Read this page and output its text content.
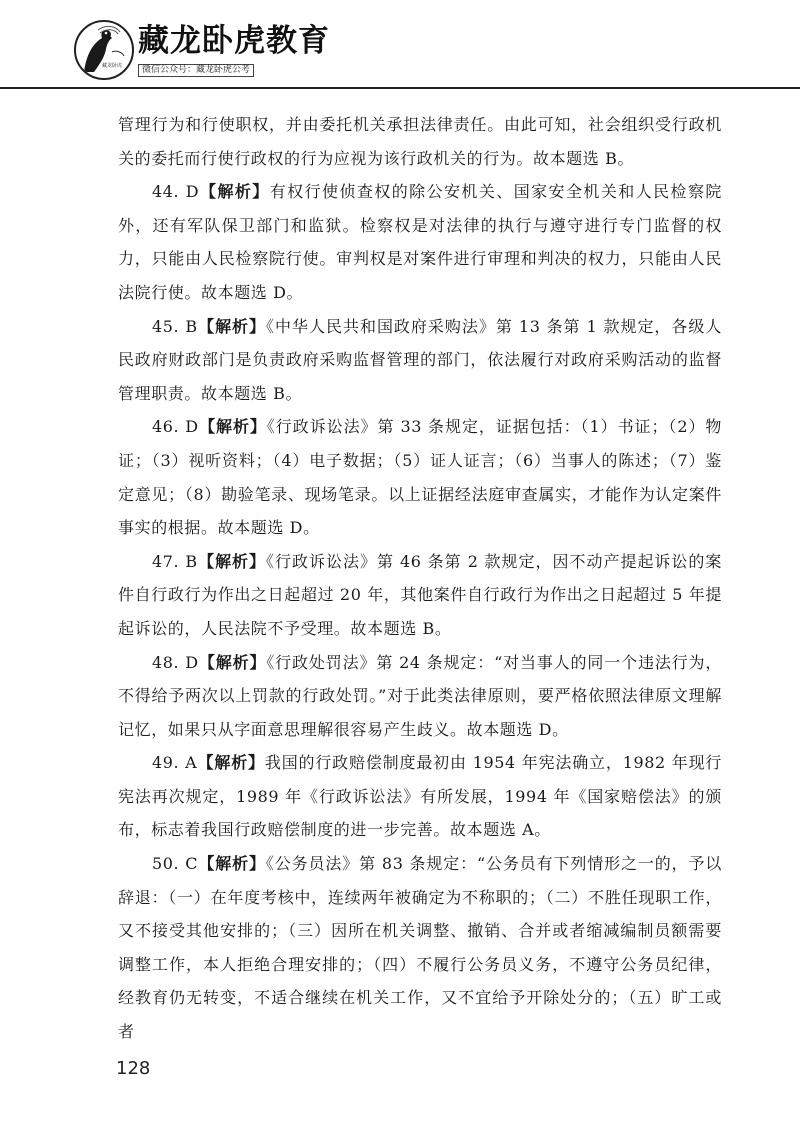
藏龙卧虎
藏龙卧虎教育
微信公众号：藏龙卧虎公考

管理行为和行使职权，并由委托机关承担法律责任。由此可知，社会组织受行政机关的委托而行使行政权的行为应视为该行政机关的行为。故本题选 B。

44. D【解析】有权行使侦查权的除公安机关、国家安全机关和人民检察院外，还有军队保卫部门和监狱。检察权是对法律的执行与遵守进行专门监督的权力，只能由人民检察院行使。审判权是对案件进行审理和判决的权力，只能由人民法院行使。故本题选 D。

45. B【解析】《中华人民共和国政府采购法》第 13 条第 1 款规定，各级人民政府财政部门是负责政府采购监督管理的部门，依法履行对政府采购活动的监督管理职责。故本题选 B。

46. D【解析】《行政诉讼法》第 33 条规定，证据包括：（1）书证；（2）物证；（3）视听资料；（4）电子数据；（5）证人证言；（6）当事人的陈述；（7）鉴定意见；（8）勘验笔录、现场笔录。以上证据经法庭审查属实，才能作为认定案件事实的根据。故本题选 D。

47. B【解析】《行政诉讼法》第 46 条第 2 款规定，因不动产提起诉讼的案件自行政行为作出之日起超过 20 年，其他案件自行政行为作出之日起超过 5 年提起诉讼的，人民法院不予受理。故本题选 B。

48. D【解析】《行政处罚法》第 24 条规定：“对当事人的同一个违法行为，不得给予两次以上罚款的行政处罚。”对于此类法律原则，要严格依照法律原文理解记忆，如果只从字面意思理解很容易产生歧义。故本题选 D。

49. A【解析】我国的行政赔偿制度最初由 1954 年宪法确立，1982 年现行宪法再次规定，1989 年《行政诉讼法》有所发展，1994 年《国家赔偿法》的颁布，标志着我国行政赔偿制度的进一步完善。故本题选 A。

50. C【解析】《公务员法》第 83 条规定：“公务员有下列情形之一的，予以辞退：（一）在年度考核中，连续两年被确定为不称职的；（二）不胜任现职工作，又不接受其他安排的；（三）因所在机关调整、撤销、合并或者缩减编制员额需要调整工作，本人拒绝合理安排的；（四）不履行公务员义务，不遵守公务员纪律，经教育仍无转变，不适合继续在机关工作，又不宜给予开除处分的；（五）旷工或者

128
